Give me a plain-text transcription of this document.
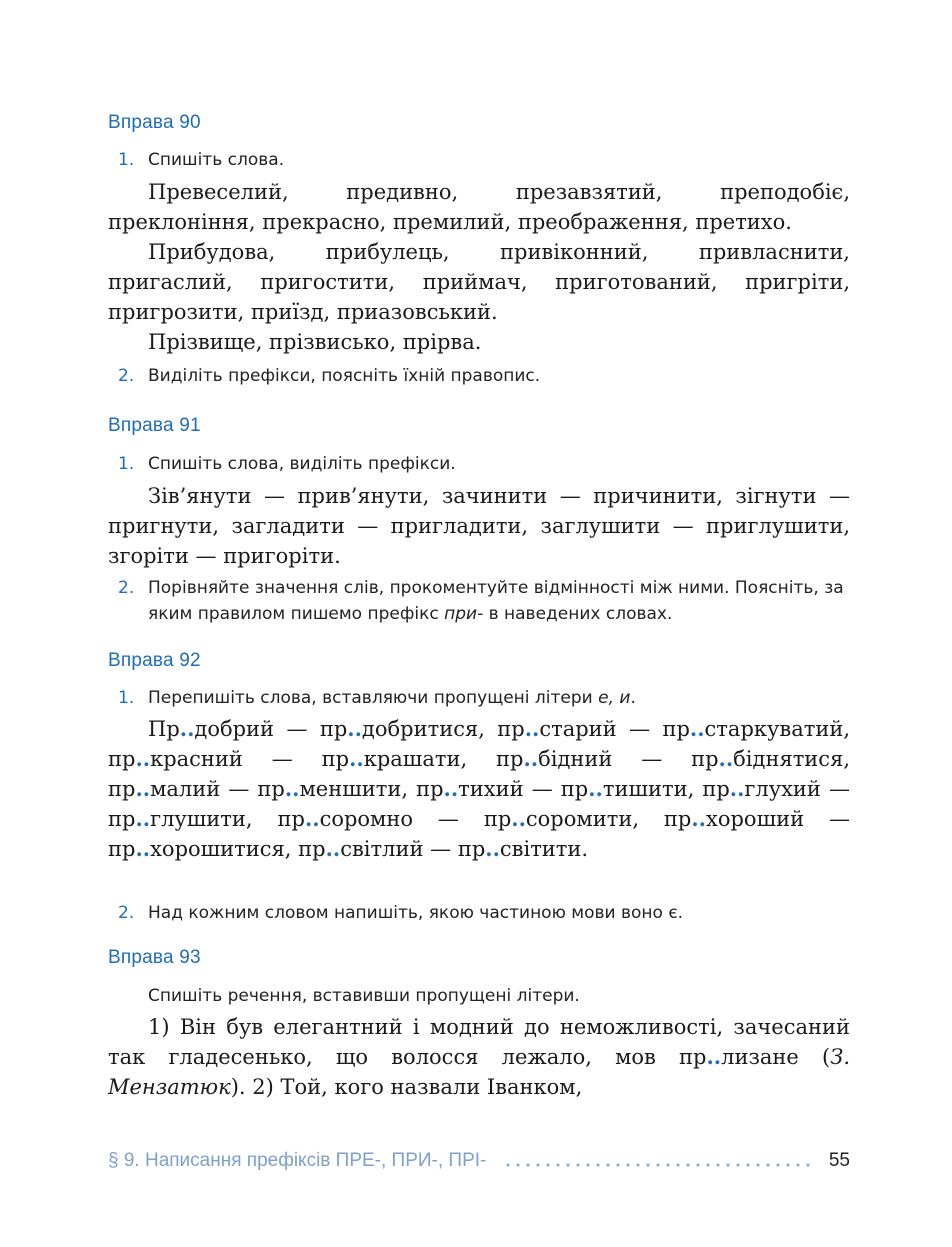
Вправа 90
1. Спишіть слова.

Превеселий, предивно, презавзятий, преподобіє, преклоніння, прекрасно, премилий, преображення, претихо.

Прибудова, прибулець, привіконний, привласнити, пригаслий, пригостити, приймач, приготований, пригріти, пригрозити, приїзд, приазовський.

Прізвище, прізвисько, прірва.

2. Виділіть префікси, поясніть їхній правопис.
Вправа 91
1. Спишіть слова, виділіть префікси.

Зів’янути — прив’янути, зачинити — причинити, зігнути — пригнути, загладити — пригладити, заглушити — приглушити, згоріти — пригоріти.

2. Порівняйте значення слів, прокоментуйте відмінності між ними. Поясніть, за яким правилом пишемо префікс при- в наведених словах.
Вправа 92
1. Перепишіть слова, вставляючи пропущені літери е, и.

Пр..добрий — пр..добритися, пр..старий — пр..старкуватий, пр..красний — пр..крашати, пр..бідний — пр..біднятися, пр..малий — пр..меншити, пр..тихий — пр..тишити, пр..глухий — пр..глушити, пр..соромно — пр..соромити, пр..хороший — пр..хорошитися, пр..світлий — пр..світити.

2. Над кожним словом напишіть, якою частиною мови воно є.
Вправа 93
Спишіть речення, вставивши пропущені літери.

1) Він був елегантний і модний до неможливості, зачесаний так гладесенько, що волосся лежало, мов пр..лизане (З. Мензатюк). 2) Той, кого назвали Іванком,

§ 9. Написання префіксів ПРЕ-, ПРИ-, ПРІ-	55
